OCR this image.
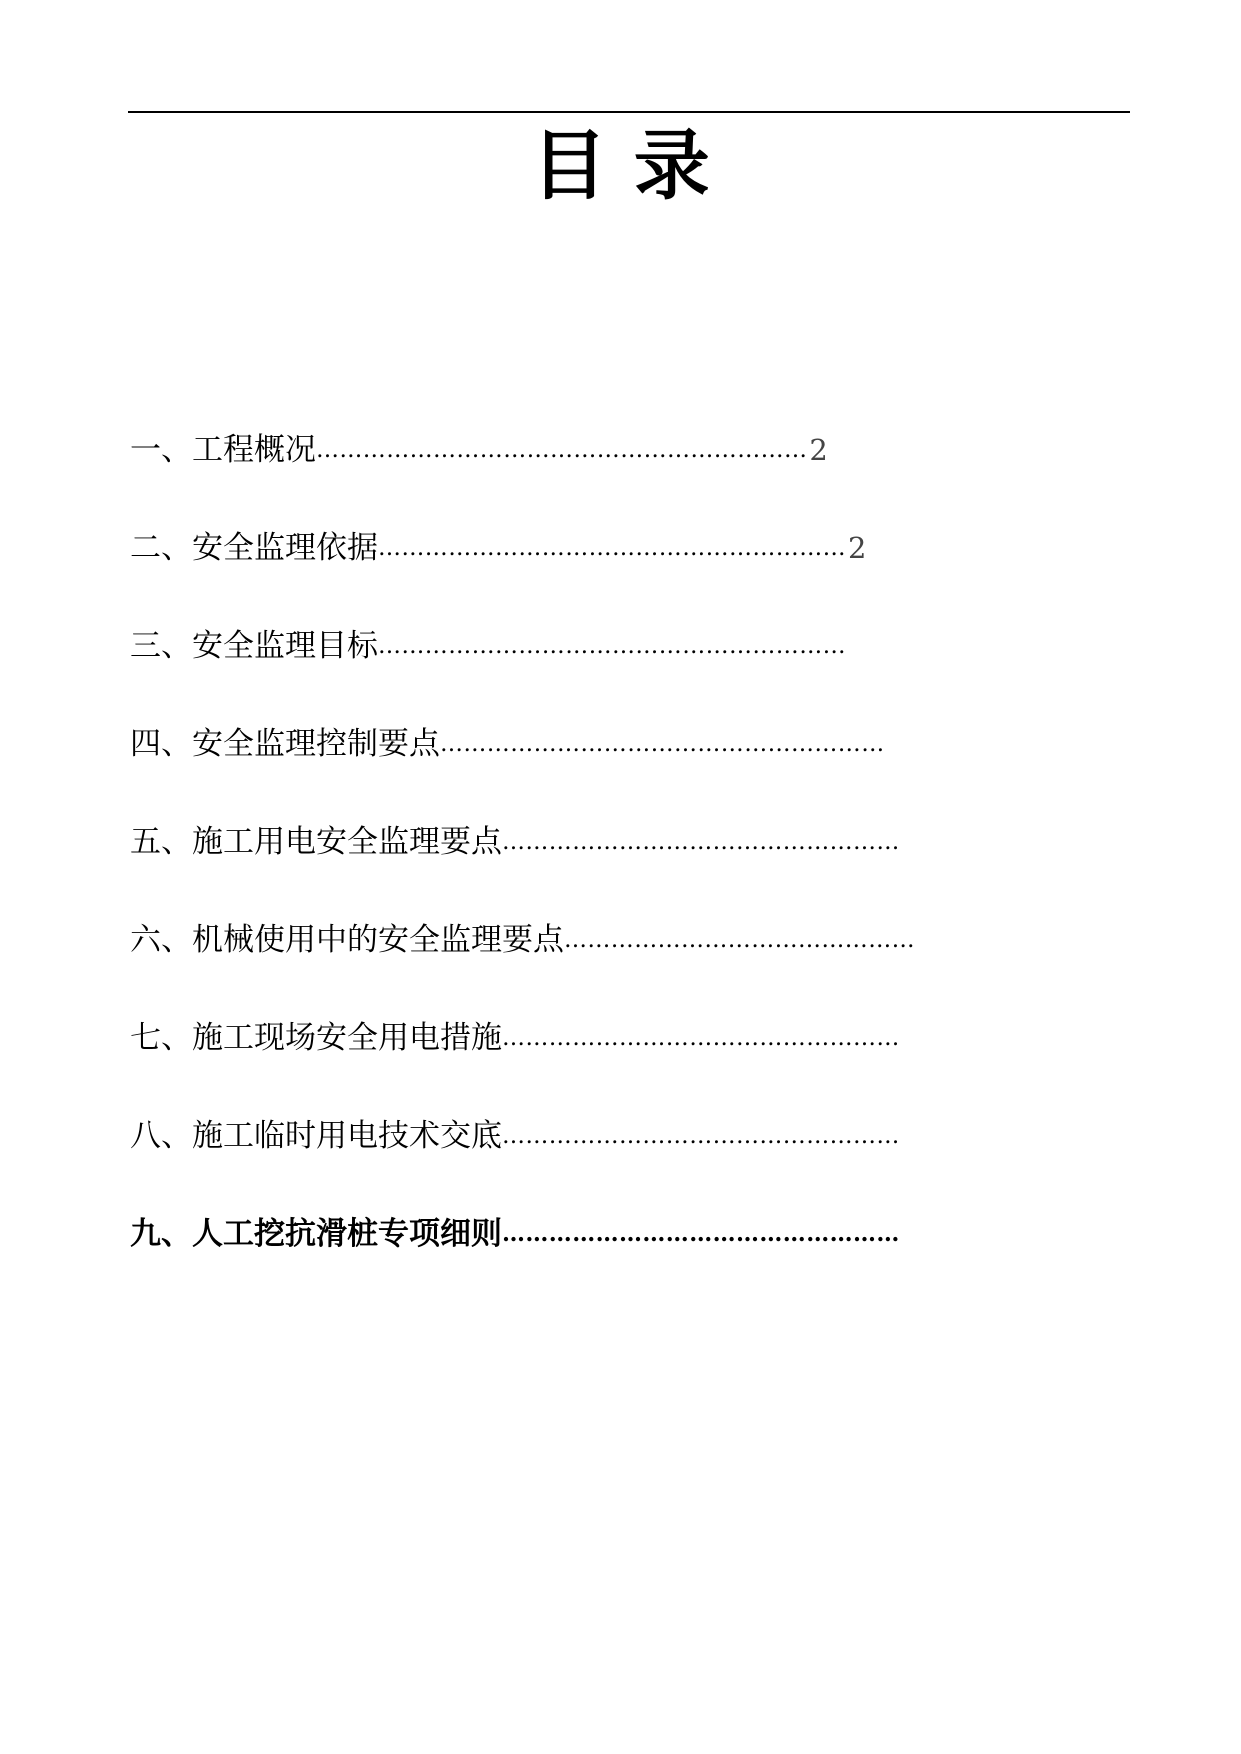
目 录
一、工程概况 ……………………………………………………… 2
二、安全监理依据 …………………………………………………… 2
三、安全监理目标 ……………………………………………………
四、安全监理控制要点 …………………………………………………
五、施工用电安全监理要点 ……………………………………………
六、机械使用中的安全监理要点 ………………………………………
七、施工现场安全用电措施 ……………………………………………
八、施工临时用电技术交底 ……………………………………………
九、人工挖抗滑桩专项细则 ……………………………………………
